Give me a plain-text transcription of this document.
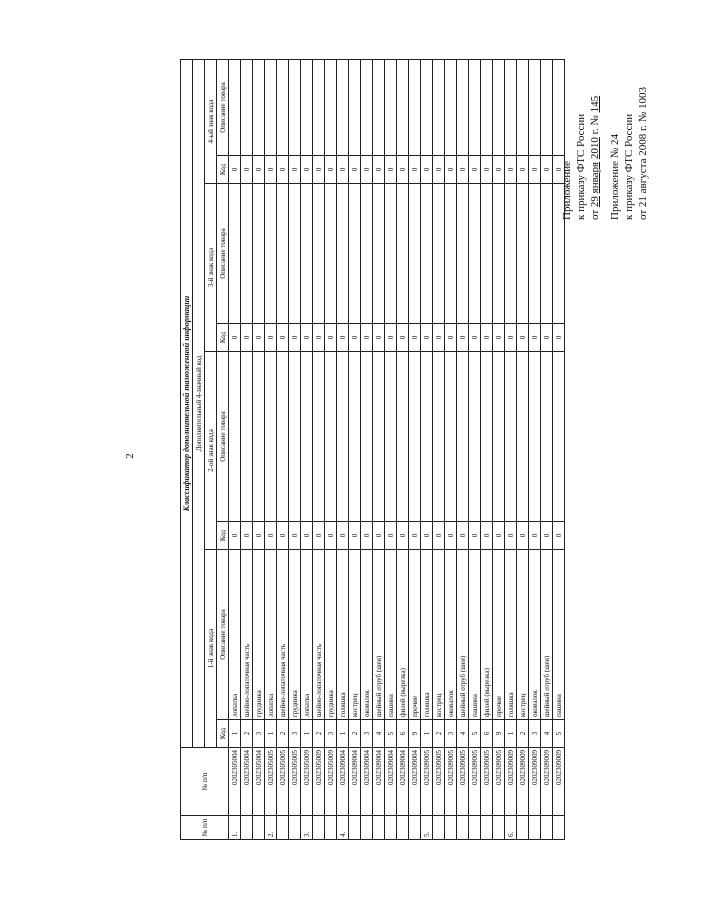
2
Приложение к приказу ФТС России от 29 января 2010 г. № 145
Приложение № 24 к приказу ФТС России от 21 августа 2008 г. № 1003
№ п/п	№ п/п	Классификатор дополнительной таможенной информации							
		Дополнительный 4-значный код							
		1-й знак кода		2-ой знак кода		3-й знак кода		4-ый знак кода	
		Код	Описание товара	Код	Описание товара	Код	Описание товара	Код	Описание товара
1.	0202305004	1	лопатка	0		0		0	
	0202305004	2	шейно-лопаточная часть	0		0		0	
	0202305004	3	грудинка	0		0		0	
2.	0202305005	1	лопатка	0		0		0	
	0202305005	2	шейно-лопаточная часть	0		0		0	
	0202305005	3	грудинка	0		0		0	
3.	0202305009	1	лопатка	0		0		0	
	0202305009	2	шейно-лопаточная часть	0		0		0	
	0202305009	3	грудинка	0		0		0	
4.	0202309004	1	голяшка	0		0		0	
	0202309004	2	кострец	0		0		0	
	0202309004	3	оковалок	0		0		0	
	0202309004	4	шейный отруб (шея)	0		0		0	
	0202309004	5	пашина	0		0		0	
	0202309004	6	филей (вырезка)	0		0		0	
	0202309004	9	прочие	0		0		0	
5.	0202309005	1	голяшка	0		0		0	
	0202309005	2	кострец	0		0		0	
	0202309005	3	оковалок	0		0		0	
	0202309005	4	шейный отруб (шея)	0		0		0	
	0202309005	5	пашина	0		0		0	
	0202309005	6	филей (вырезка)	0		0		0	
	0202309005	9	прочие	0		0		0	
6.	0202309009	1	голяшка	0		0		0	
	0202309009	2	кострец	0		0		0	
	0202309009	3	оковалок	0		0		0	
	0202309009	4	шейный отруб (шея)	0		0		0	
	0202309009	5	пашина	0		0		0	
